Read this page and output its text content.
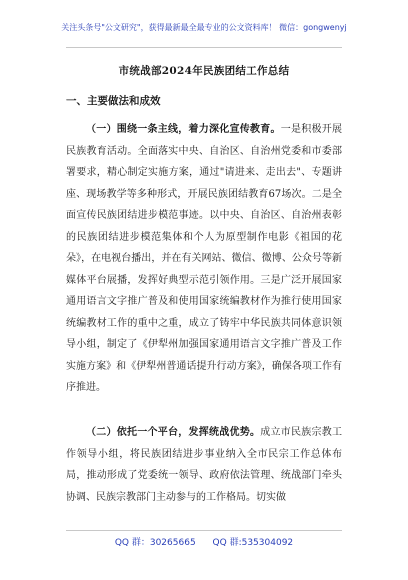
关注头条号"公文研究"，获得最新最全最专业的公文资料库！ 微信：gongwenyj
市统战部2024年民族团结工作总结
一、主要做法和成效

（一）围绕一条主线，着力深化宣传教育。一是积极开展民族教育活动。全面落实中央、自治区、自治州党委和市委部署要求，精心制定实施方案，通过"请进来、走出去"、专题讲座、现场教学等多种形式，开展民族团结教育67场次。二是全面宣传民族团结进步模范事迹。以中央、自治区、自治州表彰的民族团结进步模范集体和个人为原型制作电影《祖国的花朵》，在电视台播出，并在有关网站、微信、微博、公众号等新媒体平台展播，发挥好典型示范引领作用。三是广泛开展国家通用语言文字推广普及和使用国家统编教材作为推行使用国家统编教材工作的重中之重，成立了铸牢中华民族共同体意识领导小组，制定了《伊犁州加强国家通用语言文字推广普及工作实施方案》和《伊犁州普通话提升行动方案》，确保各项工作有序推进。

（二）依托一个平台，发挥统战优势。成立市民族宗教工作领导小组，将民族团结进步事业纳入全市民宗工作总体布局，推动形成了党委统一领导、政府依法管理、统战部门牵头协调、民族宗教部门主动参与的工作格局。切实做

QQ 群：30265665 QQ 群:535304092
